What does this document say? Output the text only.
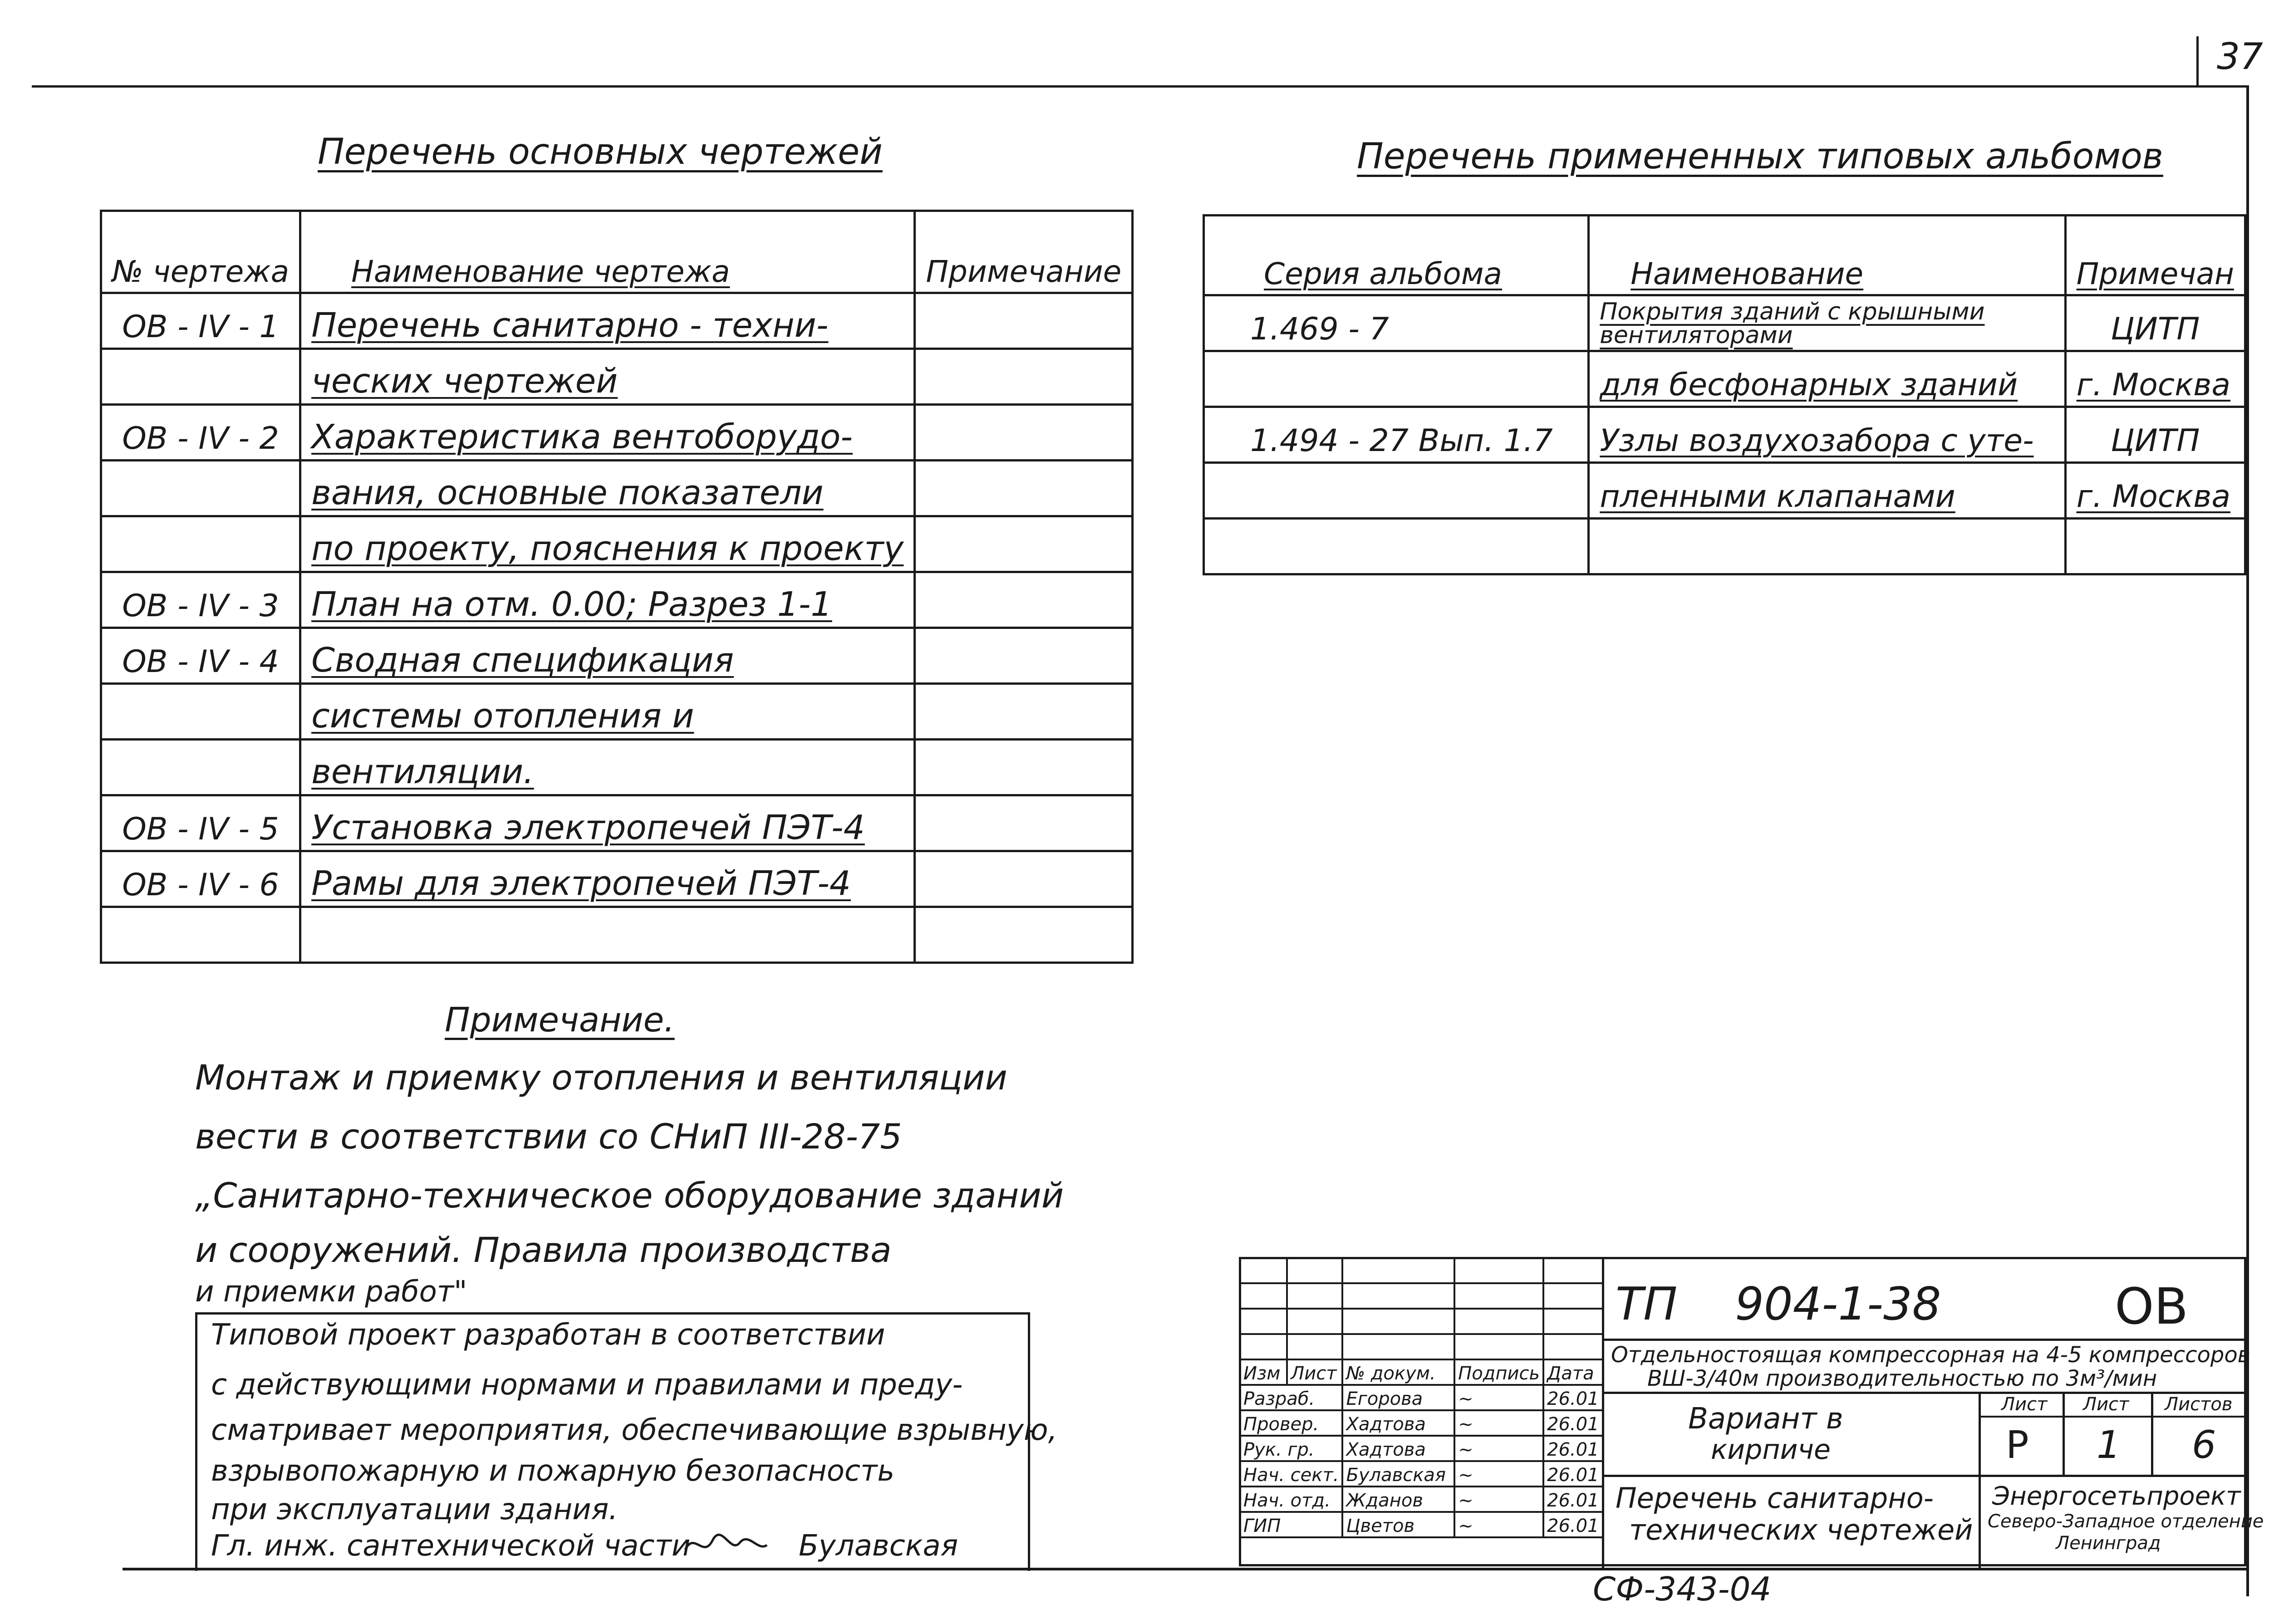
37
Перечень основных чертежей
№ чертежа	Наименование чертежа	Примечание
ОВ - IV - 1	Перечень санитарно - техни-	
	ческих чертежей	
ОВ - IV - 2	Характеристика вентоборудо-	
	вания, основные показатели	
	по проекту, пояснения к проекту	
ОВ - IV - 3	План на отм. 0.00; Разрез 1-1	
ОВ - IV - 4	Сводная спецификация	
	системы отопления и	
	вентиляции.	
ОВ - IV - 5	Установка электропечей ПЭТ-4	
ОВ - IV - 6	Рамы для электропечей ПЭТ-4	

Перечень примененных типовых альбомов
Серия альбома	Наименование	Примечан
1.469 - 7	Покрытия зданий с крышными вентиляторами	ЦИТП
	для бесфонарных зданий	г. Москва
1.494 - 27 Вып. 1.7	Узлы воздухозабора с уте-	ЦИТП
	пленными клапанами	г. Москва

Примечание.
Монтаж и приемку отопления и вентиляции
вести в соответствии со СНиП III-28-75
„Санитарно-техническое оборудование зданий
и сооружений. Правила производства
и приемки работ"
Типовой проект разработан в соответствии
с действующими нормами и правилами и преду-
сматривает мероприятия, обеспечивающие взрывную,
взрывопожарную и пожарную безопасность
при эксплуатации здания.
Гл. инж. сантехнической части	Булавская

Изм	Лист	№ докум.	Подпись	Дата
Разраб.		Егорова	~	26.01
Провер.		Хадтова	~	26.01
Рук. гр.		Хадтова	~	26.01
Нач. сект.		Булавская	~	26.01
Нач. отд.		Жданов	~	26.01
ГИП		Цветов	~	26.01
ТП    904-1-38	ОВ
Отдельностоящая компрессорная на 4-5 компрессоров
ВШ-3/40м производительностью по 3м³/мин
Вариант в
кирпиче
Перечень санитарно-
технических чертежей
Лист Лист Листов
Р 1 6
Энергосетьпроект
Северо-Западное отделение
Ленинград
СФ-343-04
